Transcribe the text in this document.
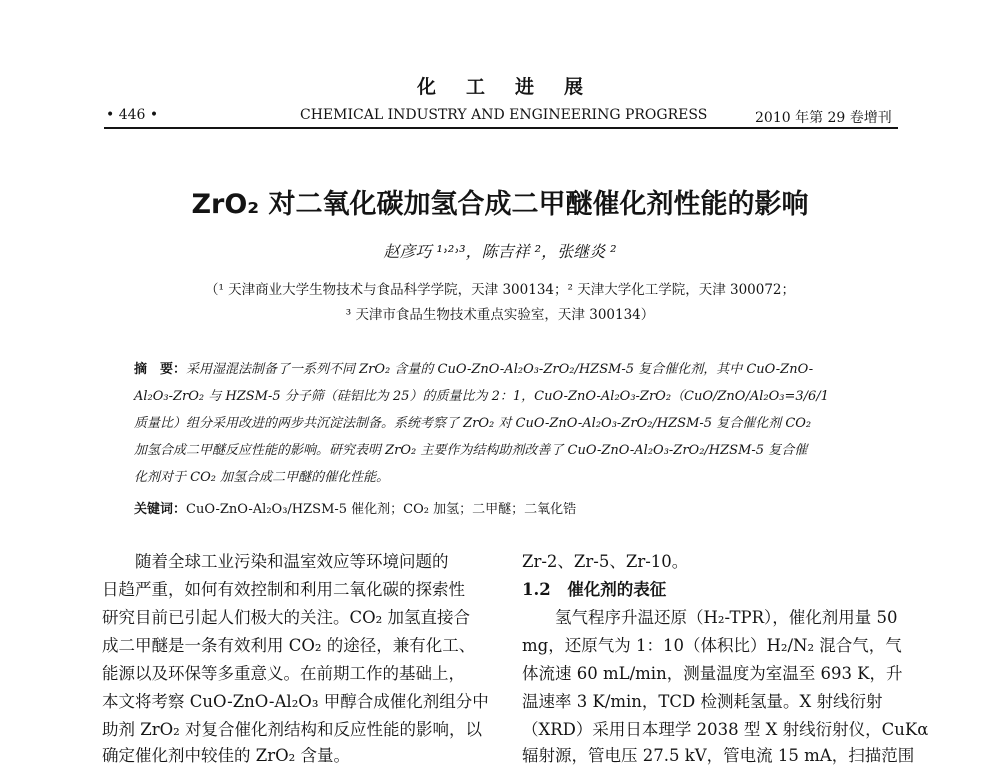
化工进展
• 446 •	CHEMICAL INDUSTRY AND ENGINEERING PROGRESS	2010 年第 29 卷增刊
ZrO₂ 对二氧化碳加氢合成二甲醚催化剂性能的影响
赵彦巧 ¹˒²˒³，陈吉祥 ²，张继炎 ²
（¹ 天津商业大学生物技术与食品科学学院，天津 300134；² 天津大学化工学院，天津 300072；
³ 天津市食品生物技术重点实验室，天津 300134）
摘　要：采用湿混法制备了一系列不同 ZrO₂ 含量的 CuO-ZnO-Al₂O₃-ZrO₂/HZSM-5 复合催化剂，其中 CuO-ZnO-
Al₂O₃-ZrO₂ 与 HZSM-5 分子筛（硅铝比为 25）的质量比为 2：1，CuO-ZnO-Al₂O₃-ZrO₂（CuO/ZnO/Al₂O₃=3/6/1
质量比）组分采用改进的两步共沉淀法制备。系统考察了 ZrO₂ 对 CuO-ZnO-Al₂O₃-ZrO₂/HZSM-5 复合催化剂 CO₂
加氢合成二甲醚反应性能的影响。研究表明 ZrO₂ 主要作为结构助剂改善了 CuO-ZnO-Al₂O₃-ZrO₂/HZSM-5 复合催
化剂对于 CO₂ 加氢合成二甲醚的催化性能。
关键词：CuO-ZnO-Al₂O₃/HZSM-5 催化剂；CO₂ 加氢；二甲醚；二氧化锆
　　随着全球工业污染和温室效应等环境问题的
日趋严重，如何有效控制和利用二氧化碳的探索性
研究目前已引起人们极大的关注。CO₂ 加氢直接合
成二甲醚是一条有效利用 CO₂ 的途径，兼有化工、
能源以及环保等多重意义。在前期工作的基础上，
本文将考察 CuO-ZnO-Al₂O₃ 甲醇合成催化剂组分中
助剂 ZrO₂ 对复合催化剂结构和反应性能的影响，以
确定催化剂中较佳的 ZrO₂ 含量。
Zr-2、Zr-5、Zr-10。
1.2　催化剂的表征
　　氢气程序升温还原（H₂-TPR），催化剂用量 50
mg，还原气为 1：10（体积比）H₂/N₂ 混合气，气
体流速 60 mL/min，测量温度为室温至 693 K，升
温速率 3 K/min，TCD 检测耗氢量。X 射线衍射
（XRD）采用日本理学 2038 型 X 射线衍射仪，CuKα
辐射源，管电压 27.5 kV，管电流 15 mA，扫描范围
